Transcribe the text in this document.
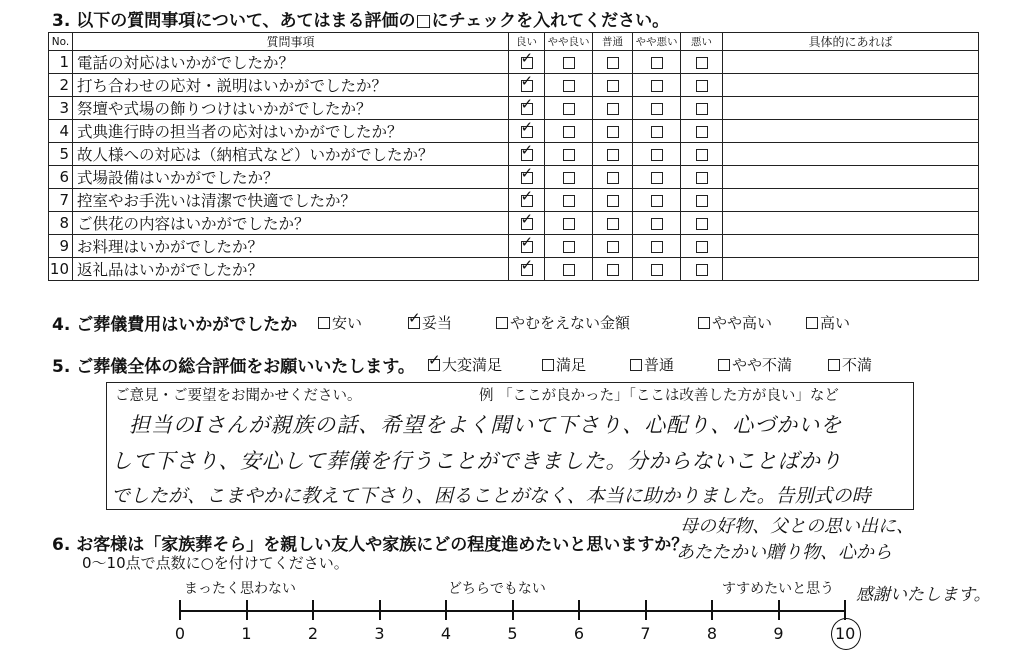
3. 以下の質問事項について、あてはまる評価の□にチェックを入れてください。
No.	質問事項	良い	やや良い	普通	やや悪い	悪い	具体的にあれば
1	電話の対応はいかがでしたか？	✓					
2	打ち合わせの応対・説明はいかがでしたか？	✓					
3	祭壇や式場の飾りつけはいかがでしたか？	✓					
4	式典進行時の担当者の応対はいかがでしたか？	✓					
5	故人様への対応は（納棺式など）いかがでしたか？	✓					
6	式場設備はいかがでしたか？	✓					
7	控室やお手洗いは清潔で快適でしたか？	✓					
8	ご供花の内容はいかがでしたか？	✓					
9	お料理はいかがでしたか？	✓					
10	返礼品はいかがでしたか？	✓					
4. ご葬儀費用はいかがでしたか	安い ✓	妥当	やむをえない金額	やや高い	高い
5. ご葬儀全体の総合評価をお願いいたします。 ✓	大変満足	満足	普通	やや不満	不満
ご意見・ご要望をお聞かせください。	例 「ここが良かった」「ここは改善した方が良い」など
担当のIさんが親族の話、希望をよく聞いて下さり、心配り、心づかいを
して下さり、安心して葬儀を行うことができました。分からないことばかり
でしたが、こまやかに教えて下さり、困ることがなく、本当に助かりました。告別式の時
6. お客様は「家族葬そら」を親しい友人や家族にどの程度進めたいと思いますか？
0〜10点で点数に○を付けてください。
母の好物、父との思い出に、
あたたかい贈り物、心から
感謝いたします。
まったく思わない	どちらでもない	すすめたいと思う
0	1	2	3	4	5	6	7	8	9	10
